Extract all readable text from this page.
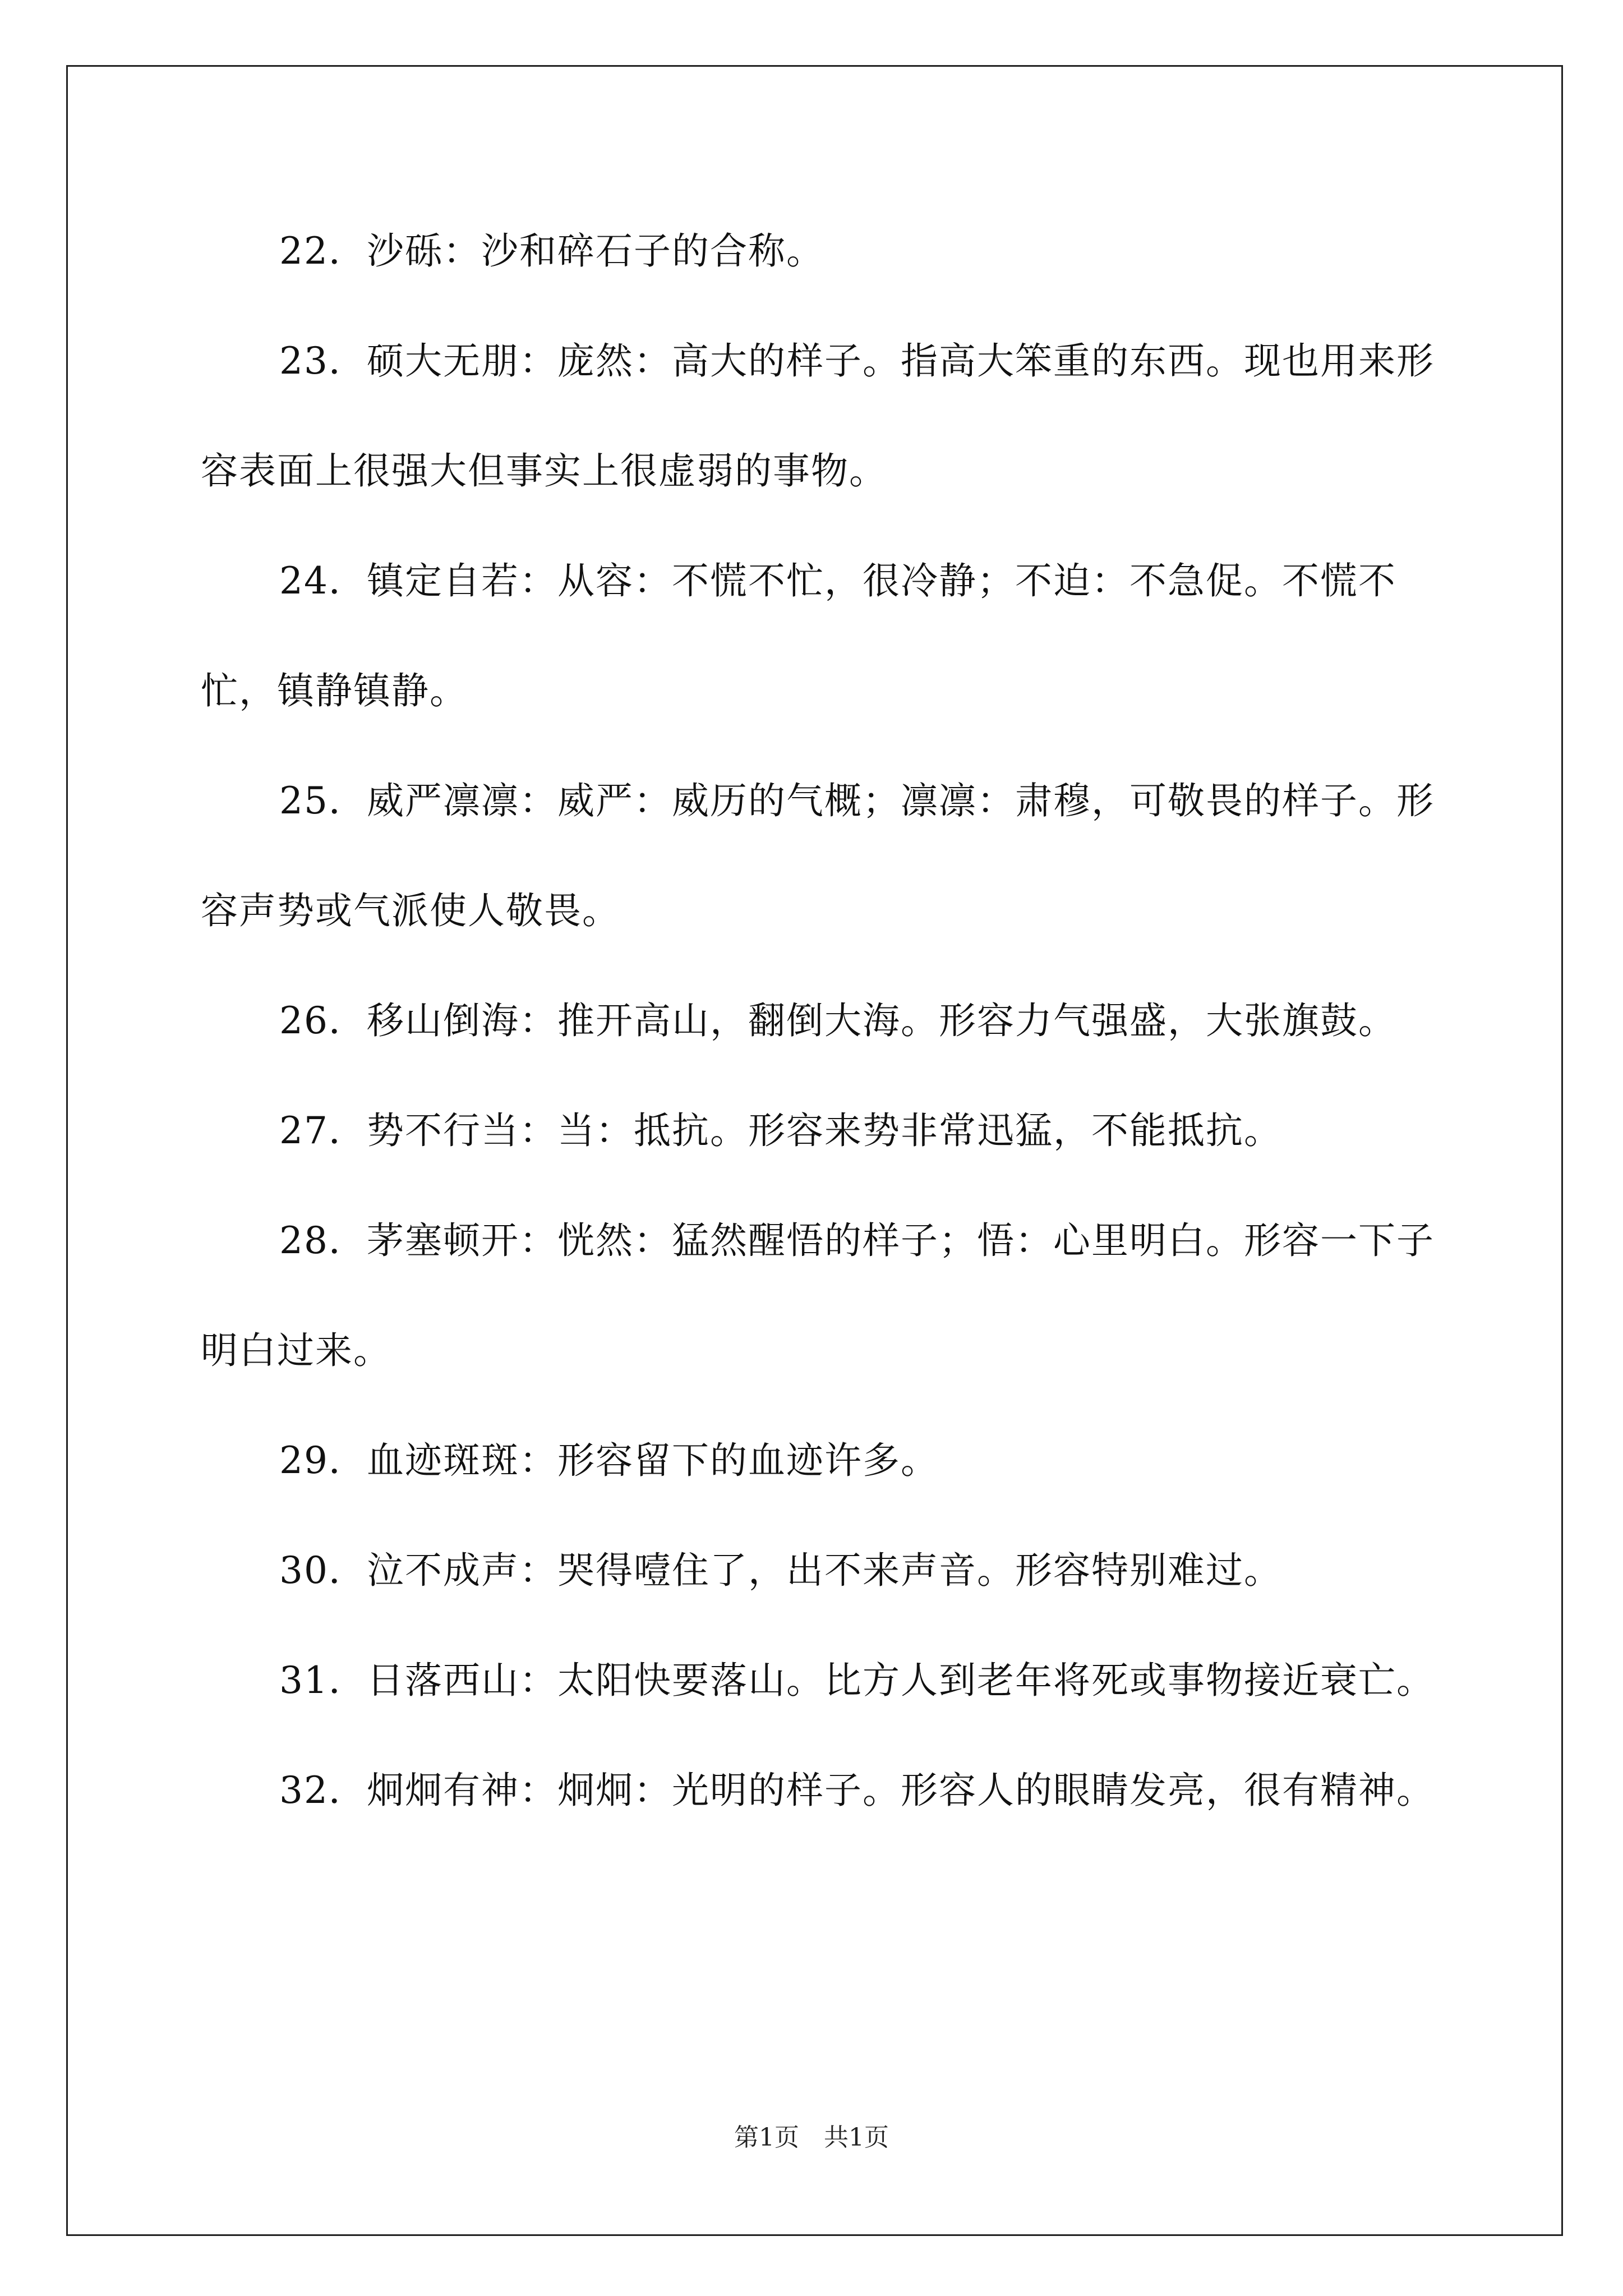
22．沙砾：沙和碎石子的合称。

23．硕大无朋：庞然：高大的样子。指高大笨重的东西。现也用来形容表面上很强大但事实上很虚弱的事物。

24．镇定自若：从容：不慌不忙，很冷静；不迫：不急促。不慌不忙，镇静镇静。

25．威严凛凛：威严：威历的气概；凛凛：肃穆，可敬畏的样子。形容声势或气派使人敬畏。

26．移山倒海：推开高山，翻倒大海。形容力气强盛，大张旗鼓。

27．势不行当：当：抵抗。形容来势非常迅猛，不能抵抗。

28．茅塞顿开：恍然：猛然醒悟的样子；悟：心里明白。形容一下子明白过来。

29．血迹斑斑：形容留下的血迹许多。

30．泣不成声：哭得噎住了，出不来声音。形容特别难过。

31．日落西山：太阳快要落山。比方人到老年将死或事物接近衰亡。

32．炯炯有神：炯炯：光明的样子。形容人的眼睛发亮，很有精神。

第1页　共1页
